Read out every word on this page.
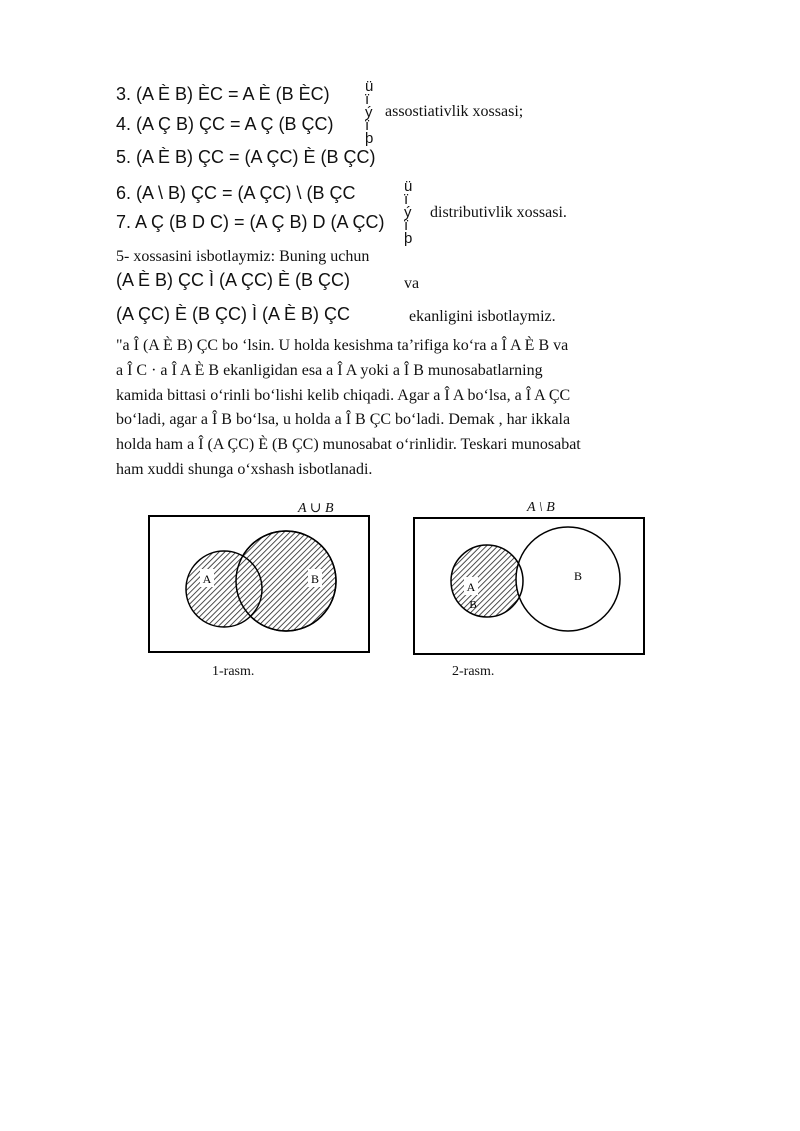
3. (A È B) ÈC = A È (B ÈC)
4. (A Ç B) ÇC = A Ç (B ÇC)
ü
ï
ý
ï
þ
assostiativlik xossasi;
5. (A È B) ÇC = (A ÇC) È (B ÇC)
6. (A \ B) ÇC = (A ÇC) \ (B ÇC
7. A Ç (B D C) = (A Ç B) D (A ÇC)
ü
ï
ý
ï
þ
distributivlik xossasi.
5- xossasini isbotlaymiz: Buning uchun
(A È B) ÇC Ì (A ÇC) È (B ÇC)	va
(A ÇC) È (B ÇC) Ì (A È B) ÇC	ekanligini isbotlaymiz.
"a Î (A È B) ÇC bo ‘lsin. U holda kesishma ta’rifiga ko‘ra a Î A È B va
a Î C · a Î A È B ekanligidan esa a Î A yoki a Î B munosabatlarning
kamida bittasi o‘rinli bo‘lishi kelib chiqadi. Agar a Î A bo‘lsa, a Î A ÇC
bo‘ladi, agar a Î B bo‘lsa, u holda a Î B ÇC bo‘ladi. Demak , har ikkala
holda ham a Î (A ÇC) È (B ÇC) munosabat o‘rinlidir. Teskari munosabat
ham xuddi shunga o‘xshash isbotlanadi.
A ∪ B
A	B
1-rasm.
A \ B
A
B
B
2-rasm.
